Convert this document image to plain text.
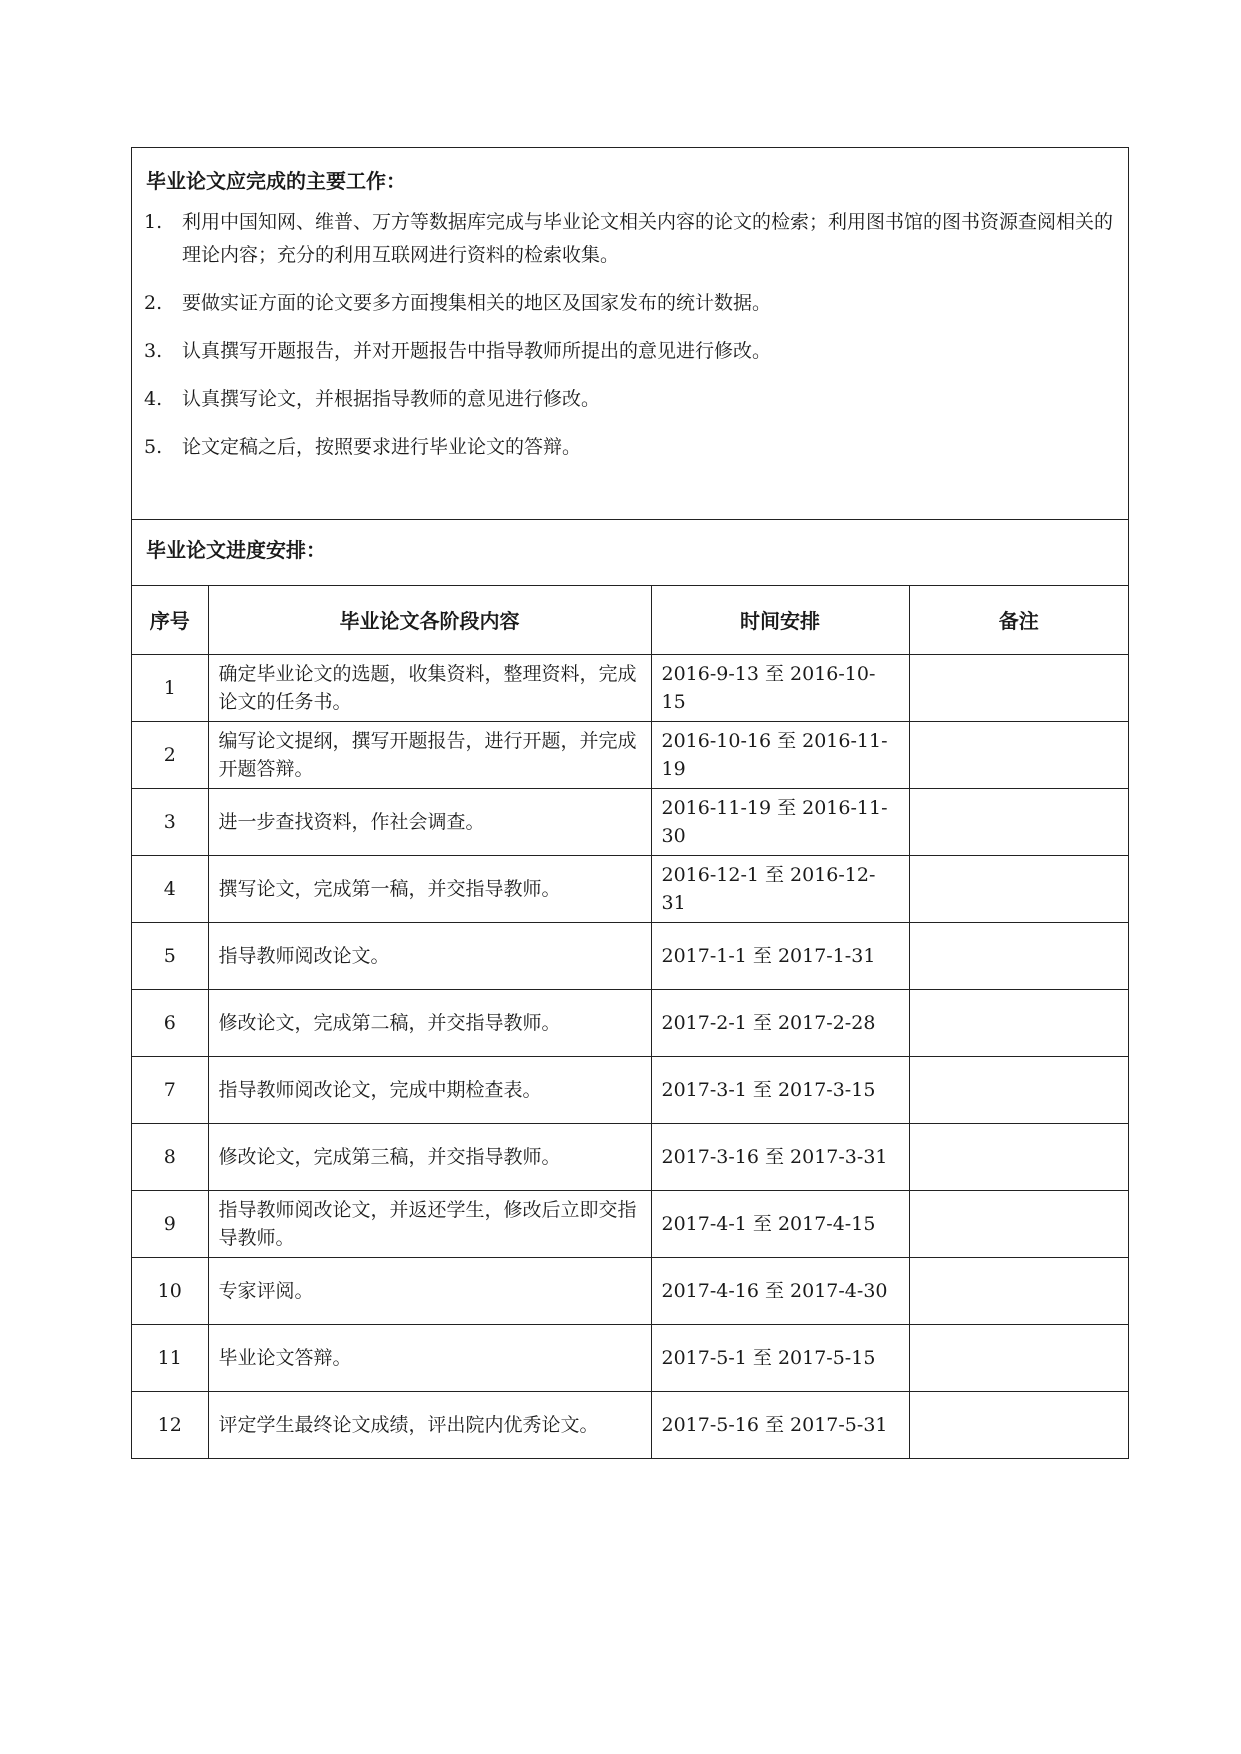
毕业论文应完成的主要工作：
1.	利用中国知网、维普、万方等数据库完成与毕业论文相关内容的论文的检索；利用图书馆的图书资源查阅相关的理论内容；充分的利用互联网进行资料的检索收集。
2.	要做实证方面的论文要多方面搜集相关的地区及国家发布的统计数据。
3.	认真撰写开题报告，并对开题报告中指导教师所提出的意见进行修改。
4.	认真撰写论文，并根据指导教师的意见进行修改。
5.	论文定稿之后，按照要求进行毕业论文的答辩。
毕业论文进度安排：
序号	毕业论文各阶段内容	时间安排	备注
1	确定毕业论文的选题，收集资料，整理资料，完成论文的任务书。	2016-9-13 至 2016-10-15	
2	编写论文提纲，撰写开题报告，进行开题，并完成开题答辩。	2016-10-16 至 2016-11-19	
3	进一步查找资料，作社会调查。	2016-11-19 至 2016-11-30	
4	撰写论文，完成第一稿，并交指导教师。	2016-12-1 至 2016-12-31	
5	指导教师阅改论文。	2017-1-1 至 2017-1-31	
6	修改论文，完成第二稿，并交指导教师。	2017-2-1 至 2017-2-28	
7	指导教师阅改论文，完成中期检查表。	2017-3-1 至 2017-3-15	
8	修改论文，完成第三稿，并交指导教师。	2017-3-16 至 2017-3-31	
9	指导教师阅改论文，并返还学生，修改后立即交指导教师。	2017-4-1 至 2017-4-15	
10	专家评阅。	2017-4-16 至 2017-4-30	
11	毕业论文答辩。	2017-5-1 至 2017-5-15	
12	评定学生最终论文成绩，评出院内优秀论文。	2017-5-16 至 2017-5-31	
